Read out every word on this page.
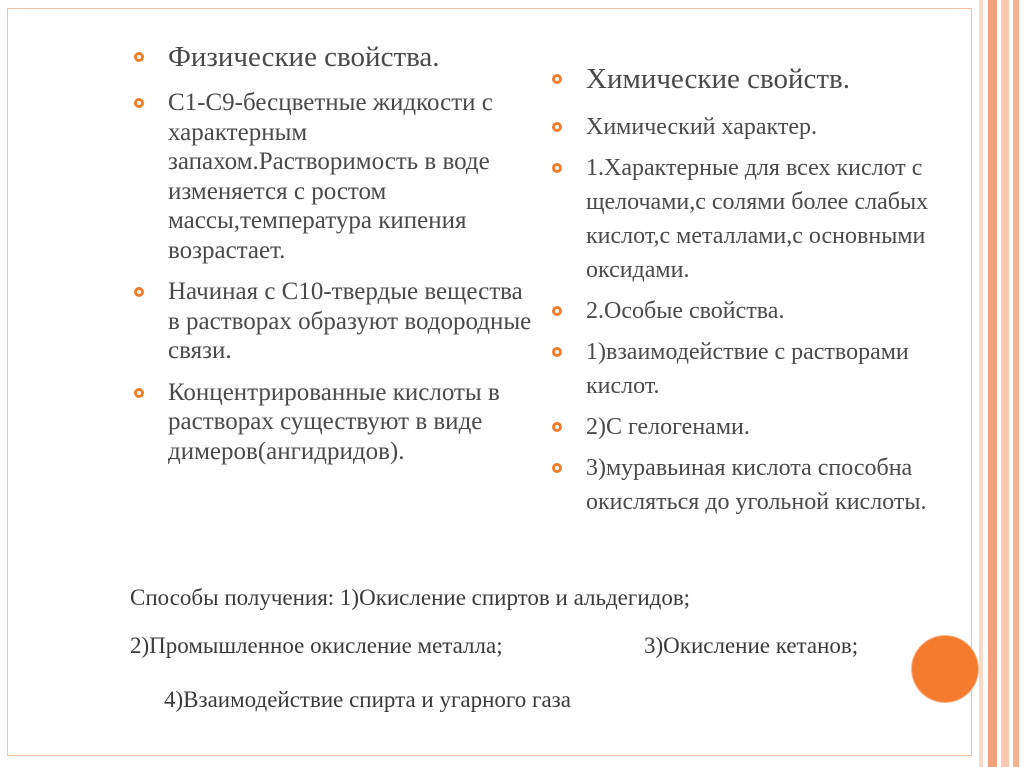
Физические свойства.
С1-С9-бесцветные жидкости с характерным запахом.Растворимость в воде изменяется с ростом массы,температура кипения возрастает.
Начиная с С10-твердые вещества в растворах образуют водородные связи.
Концентрированные кислоты в растворах существуют в виде димеров(ангидридов).
Химические свойств.
Химический характер.
1.Характерные для всех кислот с щелочами,с солями более слабых кислот,с металлами,с основными оксидами.
2.Особые свойства.
1)взаимодействие с растворами кислот.
2)С гелогенами.
3)муравьиная кислота способна окисляться до угольной кислоты.
Способы получения: 1)Окисление спиртов и альдегидов;
2)Промышленное окисление металла;	3)Окисление кетанов;
4)Взаимодействие спирта и угарного газа
